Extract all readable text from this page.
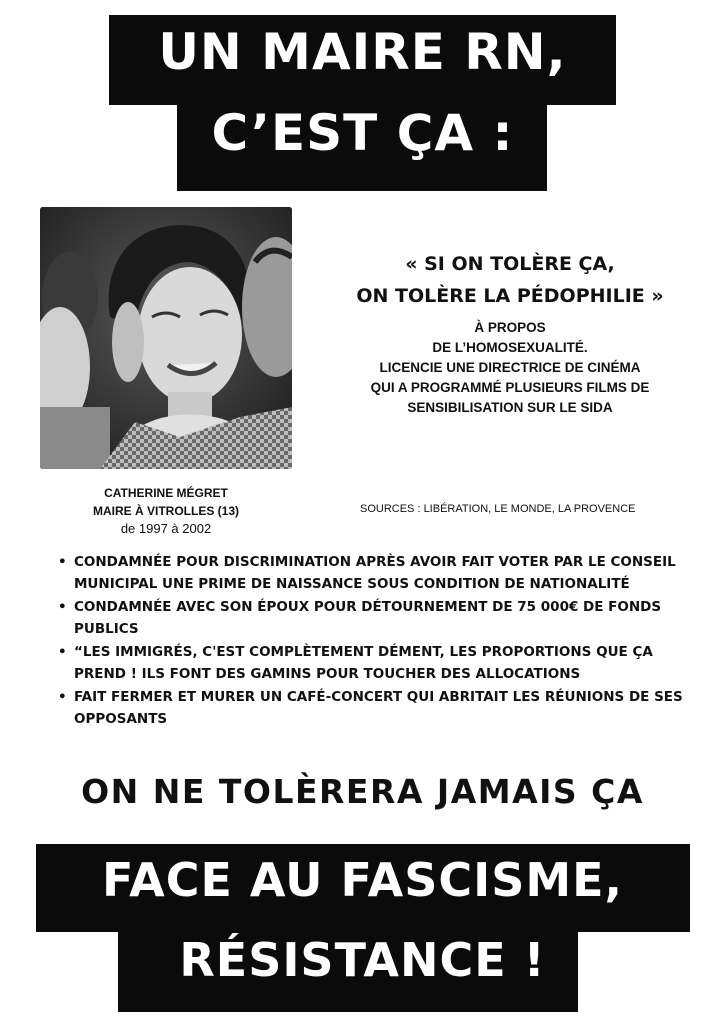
UN MAIRE RN,
C’EST ÇA :
« SI ON TOLÈRE ÇA,
ON TOLÈRE LA PÉDOPHILIE »
À PROPOS
DE L’HOMOSEXUALITÉ.
LICENCIE UNE DIRECTRICE DE CINÉMA
QUI A PROGRAMMÉ PLUSIEURS FILMS DE
SENSIBILISATION SUR LE SIDA
CATHERINE MÉGRET
MAIRE À VITROLLES (13)
de 1997 à 2002
SOURCES : LIBÉRATION, LE MONDE, LA PROVENCE
• CONDAMNÉE POUR DISCRIMINATION APRÈS AVOIR FAIT VOTER PAR LE CONSEIL MUNICIPAL UNE PRIME DE NAISSANCE SOUS CONDITION DE NATIONALITÉ
• CONDAMNÉE AVEC SON ÉPOUX POUR DÉTOURNEMENT DE 75 000€ DE FONDS PUBLICS
• “LES IMMIGRÉS, C'EST COMPLÈTEMENT DÉMENT, LES PROPORTIONS QUE ÇA PREND ! ILS FONT DES GAMINS POUR TOUCHER DES ALLOCATIONS
• FAIT FERMER ET MURER UN CAFÉ-CONCERT QUI ABRITAIT LES RÉUNIONS DE SES OPPOSANTS
ON NE TOLÈRERA JAMAIS ÇA
FACE AU FASCISME,
RÉSISTANCE !
